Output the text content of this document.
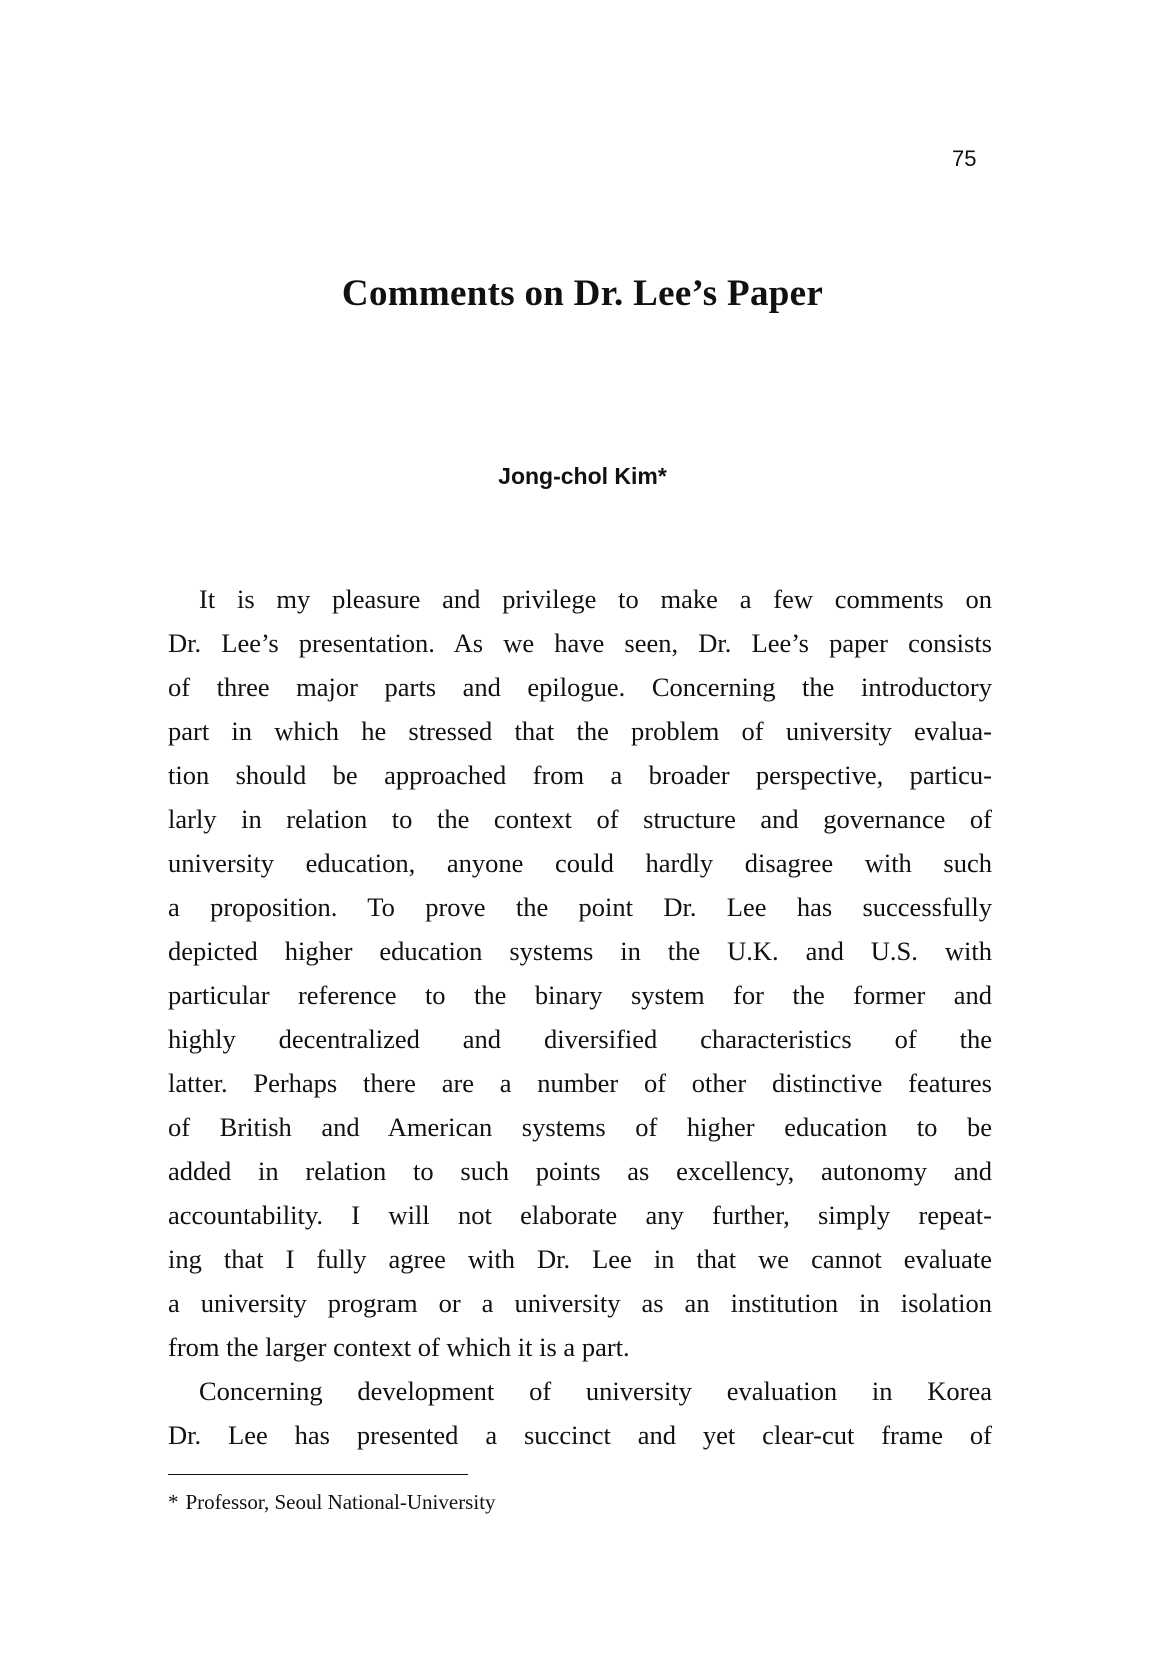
75
Comments on Dr. Lee’s Paper
Jong-chol Kim*
It is my pleasure and privilege to make a few comments on
Dr. Lee’s presentation. As we have seen, Dr. Lee’s paper consists
of three major parts and epilogue. Concerning the introductory
part in which he stressed that the problem of university evalua-
tion should be approached from a broader perspective, particu-
larly in relation to the context of structure and governance of
university education, anyone could hardly disagree with such
a proposition. To prove the point Dr. Lee has successfully
depicted higher education systems in the U.K. and U.S. with
particular reference to the binary system for the former and
highly decentralized and diversified characteristics of the
latter. Perhaps there are a number of other distinctive features
of British and American systems of higher education to be
added in relation to such points as excellency, autonomy and
accountability. I will not elaborate any further, simply repeat-
ing that I fully agree with Dr. Lee in that we cannot evaluate
a university program or a university as an institution in isolation
from the larger context of which it is a part.
Concerning development of university evaluation in Korea
Dr. Lee has presented a succinct and yet clear-cut frame of
* Professor, Seoul National-University
